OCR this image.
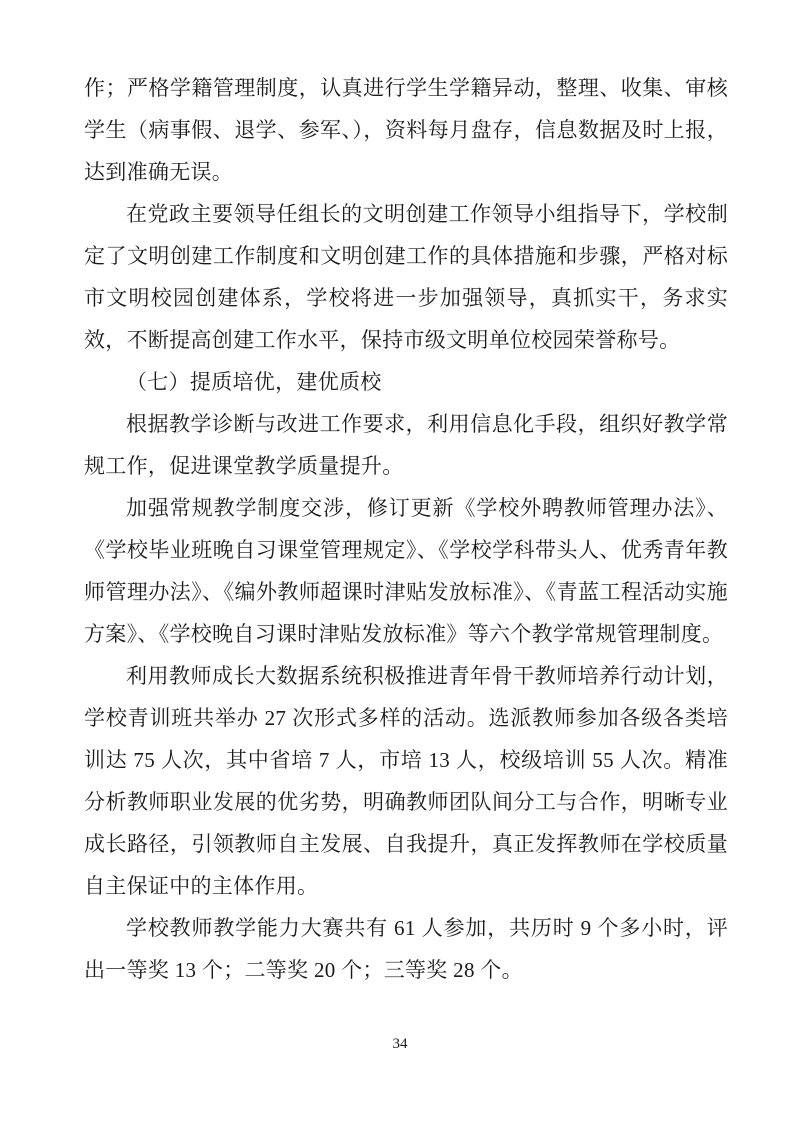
作；严格学籍管理制度，认真进行学生学籍异动，整理、收集、审核学生（病事假、退学、参军、），资料每月盘存，信息数据及时上报，达到准确无误。

在党政主要领导任组长的文明创建工作领导小组指导下，学校制定了文明创建工作制度和文明创建工作的具体措施和步骤，严格对标市文明校园创建体系，学校将进一步加强领导，真抓实干，务求实效，不断提高创建工作水平，保持市级文明单位校园荣誉称号。

（七）提质培优，建优质校

根据教学诊断与改进工作要求，利用信息化手段，组织好教学常规工作，促进课堂教学质量提升。

加强常规教学制度交涉，修订更新《学校外聘教师管理办法》、《学校毕业班晚自习课堂管理规定》、《学校学科带头人、优秀青年教师管理办法》、《编外教师超课时津贴发放标准》、《青蓝工程活动实施方案》、《学校晚自习课时津贴发放标准》等六个教学常规管理制度。

利用教师成长大数据系统积极推进青年骨干教师培养行动计划，学校青训班共举办 27 次形式多样的活动。选派教师参加各级各类培训达 75 人次，其中省培 7 人，市培 13 人，校级培训 55 人次。精准分析教师职业发展的优劣势，明确教师团队间分工与合作，明晰专业成长路径，引领教师自主发展、自我提升，真正发挥教师在学校质量自主保证中的主体作用。

学校教师教学能力大赛共有 61 人参加，共历时 9 个多小时，评出一等奖 13 个；二等奖 20 个；三等奖 28 个。

34
